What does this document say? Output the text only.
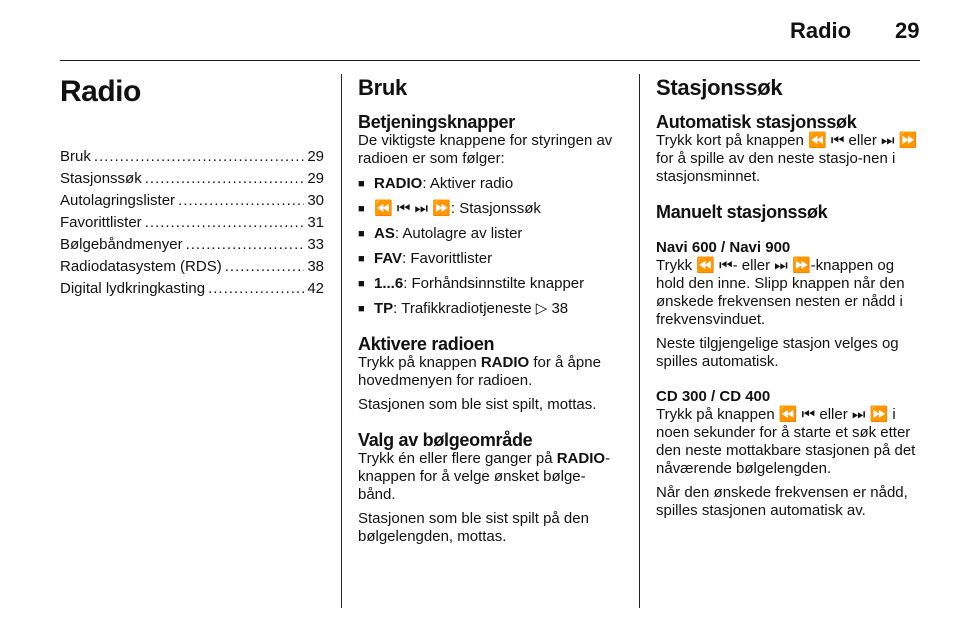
Radio 29
Radio
Bruk .....	29
Stasjonssøk .....	29
Autolagringslister .....	30
Favorittlister .....	31
Bølgebåndmenyer .....	33
Radiodatasystem (RDS) .....	38
Digital lydkringkasting .....	42
Bruk
Betjeningsknapper

De viktigste knappene for styringen av radioen er som følger:

■ RADIO: Aktiver radio
■ ⏪ ⏮ ⏭ ⏩: Stasjonssøk
■ AS: Autolagre av lister
■ FAV: Favorittlister
■ 1...6: Forhåndsinnstilte knapper
■ TP: Trafikkradiotjeneste ▷ 38
Aktivere radioen

Trykk på knappen RADIO for å åpne hovedmenyen for radioen.

Stasjonen som ble sist spilt, mottas.

Valg av bølgeområde

Trykk én eller flere ganger på RADIO-knappen for å velge ønsket bølge-bånd.

Stasjonen som ble sist spilt på den bølgelengden, mottas.

Stasjonssøk
Automatisk stasjonssøk

Trykk kort på knappen ⏪ ⏮ eller ⏭ ⏩ for å spille av den neste stasjo-nen i stasjonsminnet.

Manuelt stasjonssøk
Navi 600 / Navi 900

Trykk ⏪ ⏮- eller ⏭ ⏩-knappen og hold den inne. Slipp knappen når den ønskede frekvensen nesten er nådd i frekvensvinduet.

Neste tilgjengelige stasjon velges og spilles automatisk.

CD 300 / CD 400

Trykk på knappen ⏪ ⏮ eller ⏭ ⏩ i noen sekunder for å starte et søk etter den neste mottakbare stasjonen på det nåværende bølgelengden.

Når den ønskede frekvensen er nådd, spilles stasjonen automatisk av.
